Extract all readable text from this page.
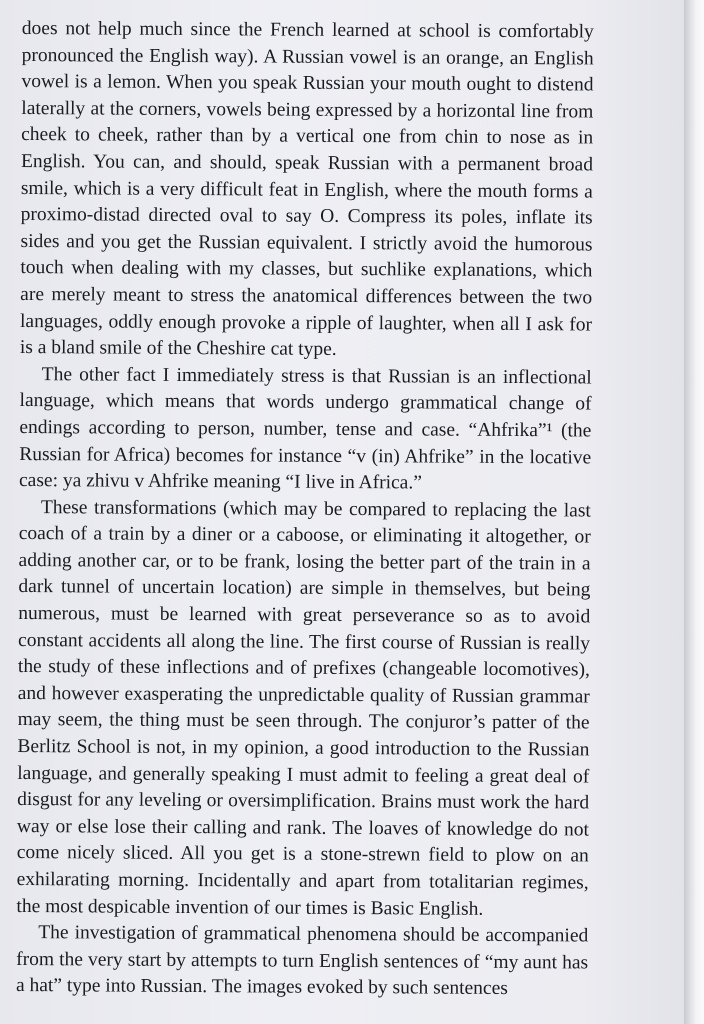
does not help much since the French learned at school is comfortably pronounced the English way). A Russian vowel is an orange, an English vowel is a lemon. When you speak Russian your mouth ought to distend laterally at the corners, vowels being expressed by a horizontal line from cheek to cheek, rather than by a vertical one from chin to nose as in English. You can, and should, speak Russian with a permanent broad smile, which is a very difficult feat in English, where the mouth forms a proximo-distad directed oval to say O. Compress its poles, inflate its sides and you get the Russian equivalent. I strictly avoid the humorous touch when dealing with my classes, but suchlike explanations, which are merely meant to stress the anatomical differences between the two languages, oddly enough provoke a ripple of laughter, when all I ask for is a bland smile of the Cheshire cat type.

The other fact I immediately stress is that Russian is an inflectional language, which means that words undergo grammatical change of endings according to person, number, tense and case. “Ahfrika”¹ (the Russian for Africa) becomes for instance “v (in) Ahfrike” in the locative case: ya zhivu v Ahfrike meaning “I live in Africa.”

These transformations (which may be compared to replacing the last coach of a train by a diner or a caboose, or eliminating it altogether, or adding another car, or to be frank, losing the better part of the train in a dark tunnel of uncertain location) are simple in themselves, but being numerous, must be learned with great perseverance so as to avoid constant accidents all along the line. The first course of Russian is really the study of these inflections and of prefixes (changeable locomotives), and however exasperating the unpredictable quality of Russian grammar may seem, the thing must be seen through. The conjuror’s patter of the Berlitz School is not, in my opinion, a good introduction to the Russian language, and generally speaking I must admit to feeling a great deal of disgust for any leveling or oversimplification. Brains must work the hard way or else lose their calling and rank. The loaves of knowledge do not come nicely sliced. All you get is a stone-strewn field to plow on an exhilarating morning. Incidentally and apart from totalitarian regimes, the most despicable invention of our times is Basic English.

The investigation of grammatical phenomena should be accompanied from the very start by attempts to turn English sentences of “my aunt has a hat” type into Russian. The images evoked by such sentences
